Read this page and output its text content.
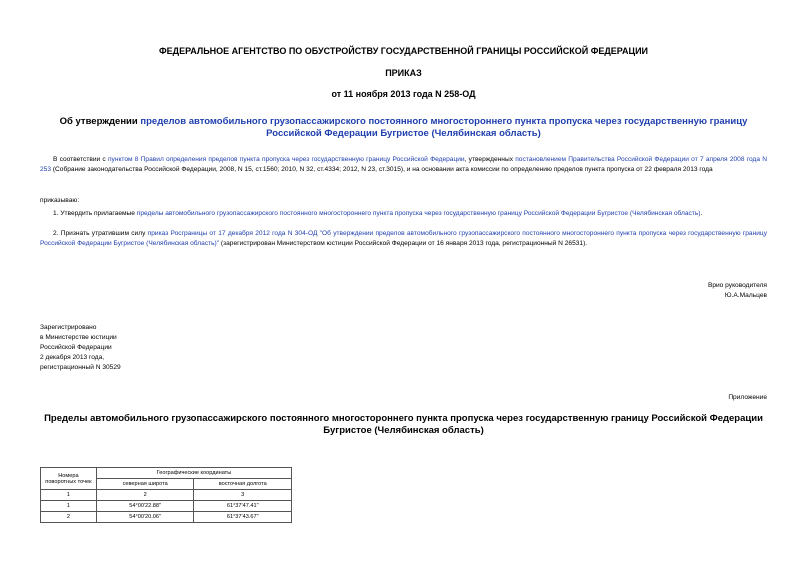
ФЕДЕРАЛЬНОЕ АГЕНТСТВО ПО ОБУСТРОЙСТВУ ГОСУДАРСТВЕННОЙ ГРАНИЦЫ РОССИЙСКОЙ ФЕДЕРАЦИИ
ПРИКАЗ
от 11 ноября 2013 года N 258-ОД
Об утверждении пределов автомобильного грузопассажирского постоянного многостороннего пункта пропуска через государственную границу Российской Федерации Бугристое (Челябинская область)
В соответствии с пунктом 8 Правил определения пределов пункта пропуска через государственную границу Российской Федерации, утвержденных постановлением Правительства Российской Федерации от 7 апреля 2008 года N 253 (Собрание законодательства Российской Федерации, 2008, N 15, ст.1560; 2010, N 32, ст.4334; 2012, N 23, ст.3015), и на основании акта комиссии по определению пределов пункта пропуска от 22 февраля 2013 года
приказываю:
1. Утвердить прилагаемые пределы автомобильного грузопассажирского постоянного многостороннего пункта пропуска через государственную границу Российской Федерации Бугристое (Челябинская область).
2. Признать утратившим силу приказ Росграницы от 17 декабря 2012 года N 304-ОД "Об утверждении пределов автомобильного грузопассажирского постоянного многостороннего пункта пропуска через государственную границу Российской Федерации Бугристое (Челябинская область)" (зарегистрирован Министерством юстиции Российской Федерации от 16 января 2013 года, регистрационный N 26531).
Врио руководителя
Ю.А.Мальцев
Зарегистрировано
в Министерстве юстиции
Российской Федерации
2 декабря 2013 года,
регистрационный N 30529
Приложение
Пределы автомобильного грузопассажирского постоянного многостороннего пункта пропуска через государственную границу Российской Федерации Бугристое (Челябинская область)
Номера поворотных точек	Географические координаты	
	северная широта	восточная долгота
1	2	3
1	54°00'22.88"	61°37'47.41"
2	54°00'20.06"	61°37'43.67"
